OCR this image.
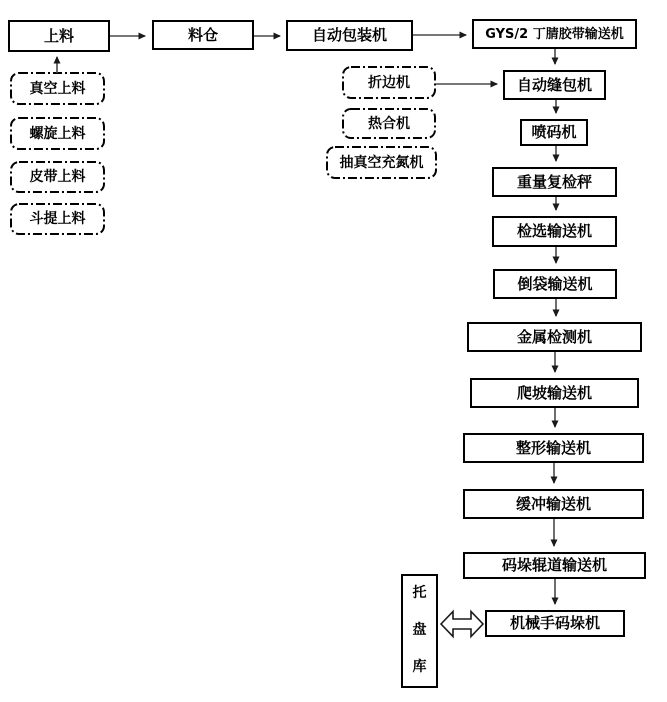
上料	料仓	自动包装机	GYS/2 丁腈胶带输送机
真空上料
螺旋上料
皮带上料
斗提上料
折边机
热合机
抽真空充氮机
自动缝包机
喷码机
重量复检秤
检选输送机
倒袋输送机
金属检测机
爬坡输送机
整形输送机
缓冲输送机
码垛辊道输送机
机械手码垛机
托
盘
库
